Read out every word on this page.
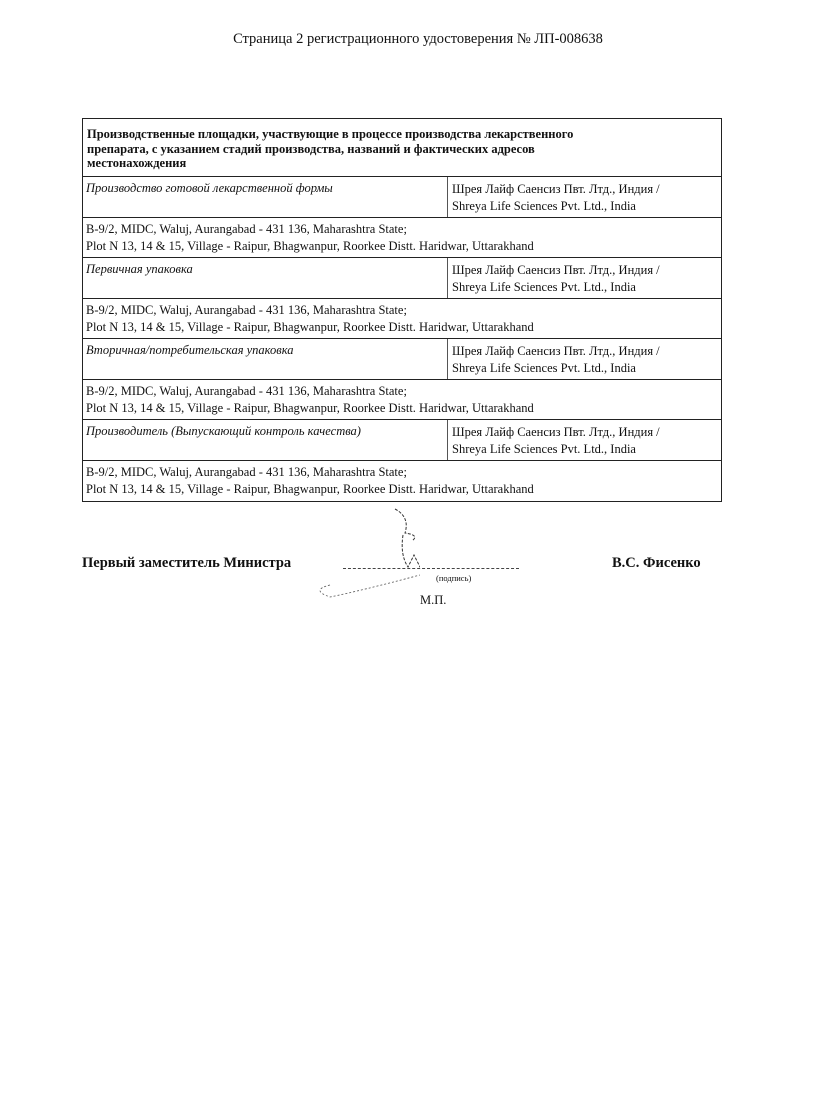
Страница 2 регистрационного удостоверения № ЛП-008638
Производственные площадки, участвующие в процессе производства лекарственного
препарата, с указанием стадий производства, названий и фактических адресов
местонахождения
Производство готовой лекарственной формы	Шрея Лайф Саенсиз Пвт. Лтд., Индия /
Shreya Life Sciences Pvt. Ltd., India
B-9/2, MIDC, Waluj, Aurangabad - 431 136, Maharashtra State;
Plot N 13, 14 & 15, Village - Raipur, Bhagwanpur, Roorkee Distt. Haridwar, Uttarakhand
Первичная упаковка	Шрея Лайф Саенсиз Пвт. Лтд., Индия /
Shreya Life Sciences Pvt. Ltd., India
B-9/2, MIDC, Waluj, Aurangabad - 431 136, Maharashtra State;
Plot N 13, 14 & 15, Village - Raipur, Bhagwanpur, Roorkee Distt. Haridwar, Uttarakhand
Вторичная/потребительская упаковка	Шрея Лайф Саенсиз Пвт. Лтд., Индия /
Shreya Life Sciences Pvt. Ltd., India
B-9/2, MIDC, Waluj, Aurangabad - 431 136, Maharashtra State;
Plot N 13, 14 & 15, Village - Raipur, Bhagwanpur, Roorkee Distt. Haridwar, Uttarakhand
Производитель (Выпускающий контроль качества)	Шрея Лайф Саенсиз Пвт. Лтд., Индия /
Shreya Life Sciences Pvt. Ltd., India
B-9/2, MIDC, Waluj, Aurangabad - 431 136, Maharashtra State;
Plot N 13, 14 & 15, Village - Raipur, Bhagwanpur, Roorkee Distt. Haridwar, Uttarakhand
Первый заместитель Министра
(подпись)
В.С. Фисенко
М.П.
